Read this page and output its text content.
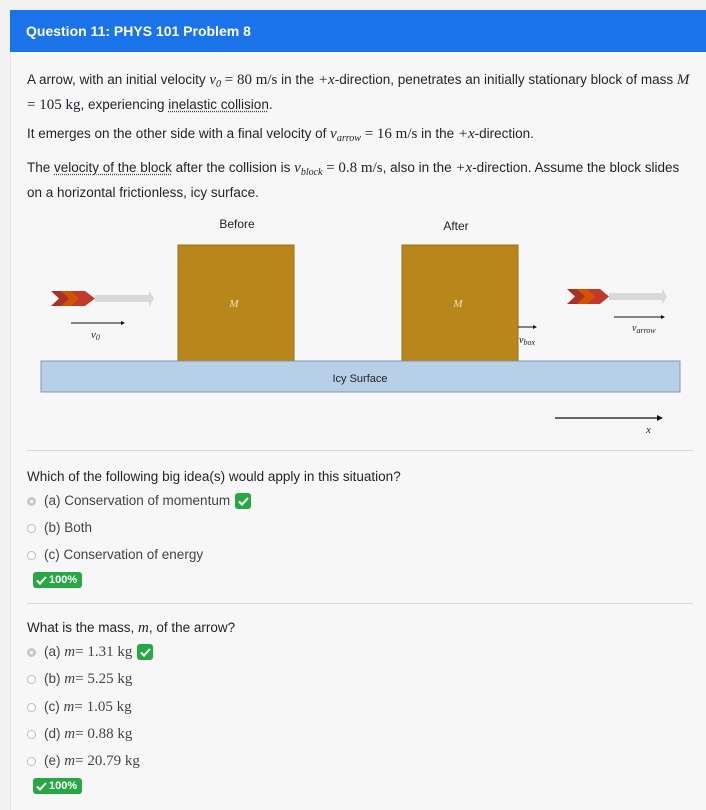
Question 11: PHYS 101 Problem 8
A arrow, with an initial velocity $v_0 = 80$ m/s in the +x-direction, penetrates an initially stationary block of mass M = 105 kg, experiencing inelastic collision.
It emerges on the other side with a final velocity of $v_{arrow} = 16$ m/s in the +x-direction.
The velocity of the block after the collision is $v_{block} = 0.8$ m/s, also in the +x-direction. Assume the block slides on a horizontal frictionless, icy surface.
Before	After
v0
M	M
$v_{box}$
$v_{arrow}$
Icy Surface
x
Which of the following big idea(s) would apply in this situation?
(a) Conservation of momentum
(b) Both
(c) Conservation of energy
100%
What is the mass, m, of the arrow?
(a)
m = 1.31 kg
(b)
m = 5.25 kg
(c)
m = 1.05 kg
(d)
m = 0.88 kg
(e)
m = 20.79 kg
100%
